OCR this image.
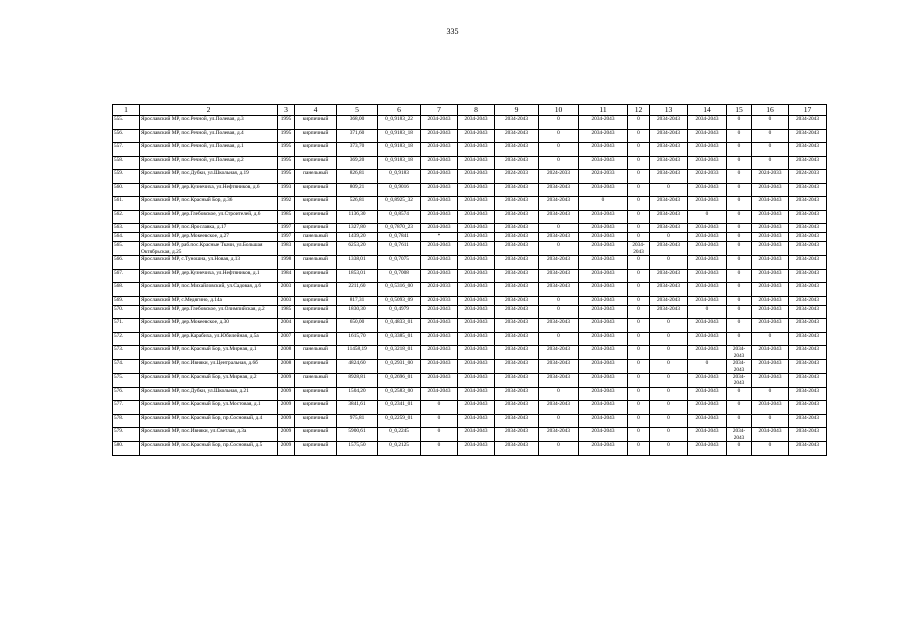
335
1	2	3	4	5	6	7	8	9	10	11	12	13	14	15	16	17
555.	Ярославский МР, пос.Речной, ул.Полевая, д.3	1995	кирпичный	368,00	0_0,9183_22	2034-2043	2034-2043	2034-2043	0	2034-2043	0	2034-2043	2034-2043	0	0	2034-2043
556.	Ярославский МР, пос.Речной, ул.Полевая, д.4	1995	кирпичный	371,60	0_0,9183_18	2034-2043	2034-2043	2034-2043	0	2034-2043	0	2034-2043	2034-2043	0	0	2034-2043
557.	Ярославский МР, пос.Речной, ул.Полевая, д.1	1995	кирпичный	373,70	0_0,9183_18	2034-2043	2034-2043	2034-2043	0	2034-2043	0	2034-2043	2034-2043	0	0	2034-2043
558.	Ярославский МР, пос.Речной, ул.Полевая, д.2	1995	кирпичный	369,20	0_0,9183_18	2034-2043	2034-2043	2034-2043	0	2034-2043	0	2034-2043	2034-2043	0	0	2034-2043
559.	Ярославский МР, пос.Дубки, ул.Школьная, д.19	1995	панельный	826,81	0_0,9183	2034-2043	2034-2043	2024-2033	2024-2033	2024-2033	0	2034-2043	2024-2033	0	2024-2033	2024-2033
560.	Ярославский МР, дер.Кузнечиха, ул.Нефтяников, д.6	1993	кирпичный	809,21	0_0,9016	2034-2043	2034-2043	2034-2043	2034-2043	2034-2043	0	0	2034-2043	0	2034-2043	2034-2043
561.	Ярославский МР, пос.Красный Бор, д.36	1992	кирпичный	526,81	0_0,8925_32	2034-2043	2034-2043	2034-2043	2034-2043	0	0	2034-2043	2034-2043	0	2034-2043	2034-2043
562.	Ярославский МР, дер.Глебовское, ул.Строителей, д.6	1985	кирпичный	1136,30	0_0,8574	2034-2043	2034-2043	2034-2043	2034-2043	2034-2043	0	2034-2043	0	0	2034-2043	2034-2043
563.	Ярославский МР, пос.Ярославка, д.17	1997	кирпичный	1327,80	0_0,7870_23	2034-2043	2034-2043	2034-2043	0	2034-2043	0	2034-2043	2034-2043	0	2034-2043	2034-2043
564.	Ярославский МР, дер.Мокеевское, д.27	1997	панельный	1439,20	0_0,7841	*	2034-2043	2034-2043	2034-2043	2034-2043	0	0	2034-2043	0	2034-2043	2034-2043
565.	Ярославский МР, раб.пос.Красные Ткачи, ул.Большая Октябрьская, д.25	1983	кирпичный	6253,20	0_0,7611	2034-2043	2034-2043	2034-2043	0	2034-2043	2034-2043	2034-2043	2034-2043	0	2034-2043	2034-2043
566.	Ярославский МР, с.Туношна, ул.Новая, д.13	1998	панельный	1338,01	0_0,7075	2034-2043	2034-2043	2034-2043	2034-2043	2034-2043	0	0	2034-2043	0	2034-2043	2034-2043
567.	Ярославский МР, дер.Кузнечиха, ул.Нефтяников, д.1	1984	кирпичный	1853,01	0_0,7008	2034-2043	2034-2043	2034-2043	2034-2043	2034-2043	0	2034-2043	2034-2043	0	2034-2043	2034-2043
568.	Ярославский МР, пос.Михайловский, ул.Садовая, д.6	2003	кирпичный	2211,60	0_0,5316_00	2024-2033	2034-2043	2034-2043	2034-2043	2034-2043	0	2034-2043	2034-2043	0	2034-2043	2034-2043
569.	Ярославский МР, с.Медягино, д.14а	2003	кирпичный	817,31	0_0,5093_09	2024-2033	2034-2043	2034-2043	0	2034-2043	0	2034-2043	2034-2043	0	2034-2043	2034-2043
570.	Ярославский МР, дер.Глебовское, ул.Олимпийская, д.2	1985	кирпичный	1830,30	0_0,4979	2034-2043	2034-2043	2034-2043	0	2034-2043	0	2034-2043	0	0	2034-2043	2034-2043
571.	Ярославский МР, дер.Мокеевское, д.30	2004	кирпичный	650,00	0_0,4833_01	2034-2043	2034-2043	2034-2043	2034-2043	2034-2043	0	0	2034-2043	0	2034-2043	2034-2043
572.	Ярославский МР, дер.Карабиха, ул.Юбилейная, д.5а	2007	кирпичный	1615,70	0_0,3385_01	2034-2043	2034-2043	2034-2043	0	2034-2043	0	0	2034-2043	0	0	2034-2043
573.	Ярославский МР, пос.Красный Бор, ул.Мирная, д.1	2008	панельный	11458,19	0_0,3218_01	2034-2043	2034-2043	2034-2043	2034-2043	2034-2043	0	0	2034-2043	2034-2043	2034-2043	2034-2043
574.	Ярославский МР, пос.Ивняки, ул.Центральная, д.6б	2008	кирпичный	4824,60	0_0,2931_00	2034-2043	2034-2043	2034-2043	2034-2043	2034-2043	0	0	0	2034-2043	2034-2043	2034-2043
575.	Ярославский МР, пос.Красный Бор, ул.Мирная, д.2	2009	панельный	8928,81	0_0,2696_01	2034-2043	2034-2043	2034-2043	2034-2043	2034-2043	0	0	2034-2043	2034-2043	2034-2043	2034-2043
576.	Ярославский МР, пос.Дубки, ул.Школьная, д.21	2009	кирпичный	1504,20	0_0,2583_00	2034-2043	2034-2043	2034-2043	0	2034-2043	0	0	2034-2043	0	0	2034-2043
577.	Ярославский МР, пос.Красный Бор, ул.Мостовая, д.1	2009	кирпичный	3841,61	0_0,2341_01	0	2034-2043	2034-2043	2034-2043	2034-2043	0	0	2034-2043	0	2034-2043	2034-2043
578.	Ярославский МР, пос.Красный Бор, пр.Сосновый, д.4	2009	кирпичный	975,81	0_0,2259_01	0	2034-2043	2034-2043	0	2034-2043	0	0	2034-2043	0	0	2034-2043
579.	Ярославский МР, пос.Ивняки, ул.Светлая, д.3а	2009	кирпичный	5900,61	0_0,2245	0	2034-2043	2034-2043	2034-2043	2034-2043	0	0	2034-2043	2034-2043	2034-2043	2034-2043
580.	Ярославский МР, пос.Красный Бор, пр.Сосновый, д.5	2009	кирпичный	1575,50	0_0,2125	0	2034-2043	2034-2043	0	2034-2043	0	0	2034-2043	0	0	2034-2043
